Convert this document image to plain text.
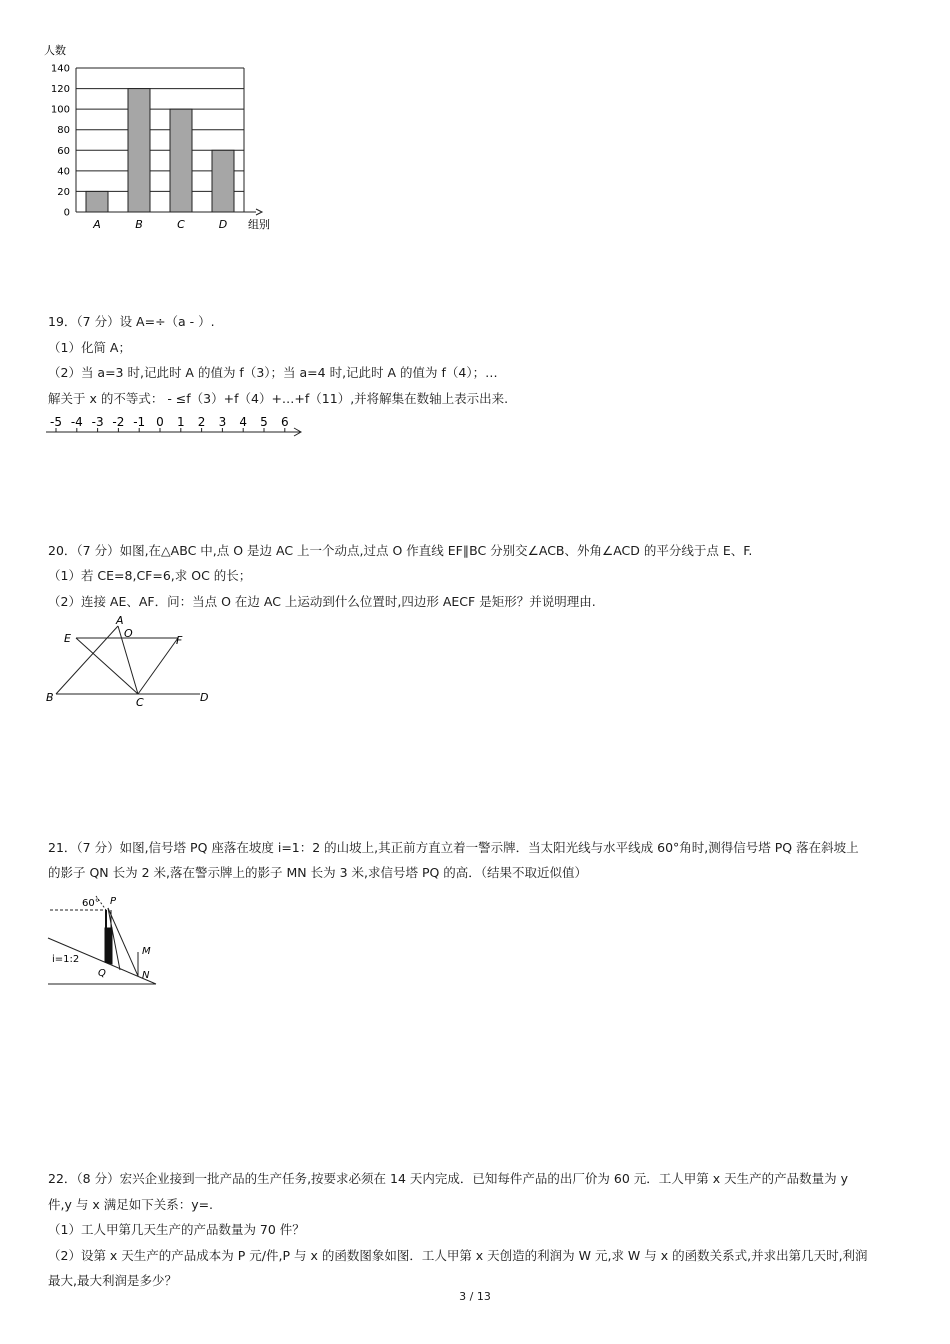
人数
0
20
40
60
80
100
120
140
组别
A	B	C	D
19．（7 分）设 A=÷（a - ）.
（1）化简 A；
（2）当 a=3 时,记此时 A 的值为 f（3）；当 a=4 时,记此时 A 的值为 f（4）；…
解关于 x 的不等式： - ≤f（3）+f（4）+…+f（11）,并将解集在数轴上表示出来.
-5 -4 -3 -2 -1 0 1 2 3 4 5 6
20．（7 分）如图,在△ABC 中,点 O 是边 AC 上一个动点,过点 O 作直线 EF∥BC 分别交∠ACB、外角∠ACD 的平分线于点 E、F.
（1）若 CE=8,CF=6,求 OC 的长；
（2）连接 AE、AF．问：当点 O 在边 AC 上运动到什么位置时,四边形 AECF 是矩形？并说明理由.
A
E	O
F
B	C	D
21．（7 分）如图,信号塔 PQ 座落在坡度 i=1：2 的山坡上,其正前方直立着一警示牌．当太阳光线与水平线成 60°角时,测得信号塔 PQ 落在斜坡上
的影子 QN 长为 2 米,落在警示牌上的影子 MN 长为 3 米,求信号塔 PQ 的高．（结果不取近似值）
60° P
M
N
Q
i=1:2
22．（8 分）宏兴企业接到一批产品的生产任务,按要求必须在 14 天内完成．已知每件产品的出厂价为 60 元．工人甲第 x 天生产的产品数量为 y
件,y 与 x 满足如下关系：y=.
（1）工人甲第几天生产的产品数量为 70 件？
（2）设第 x 天生产的产品成本为 P 元/件,P 与 x 的函数图象如图．工人甲第 x 天创造的利润为 W 元,求 W 与 x 的函数关系式,并求出第几天时,利润
最大,最大利润是多少？
3 / 13
